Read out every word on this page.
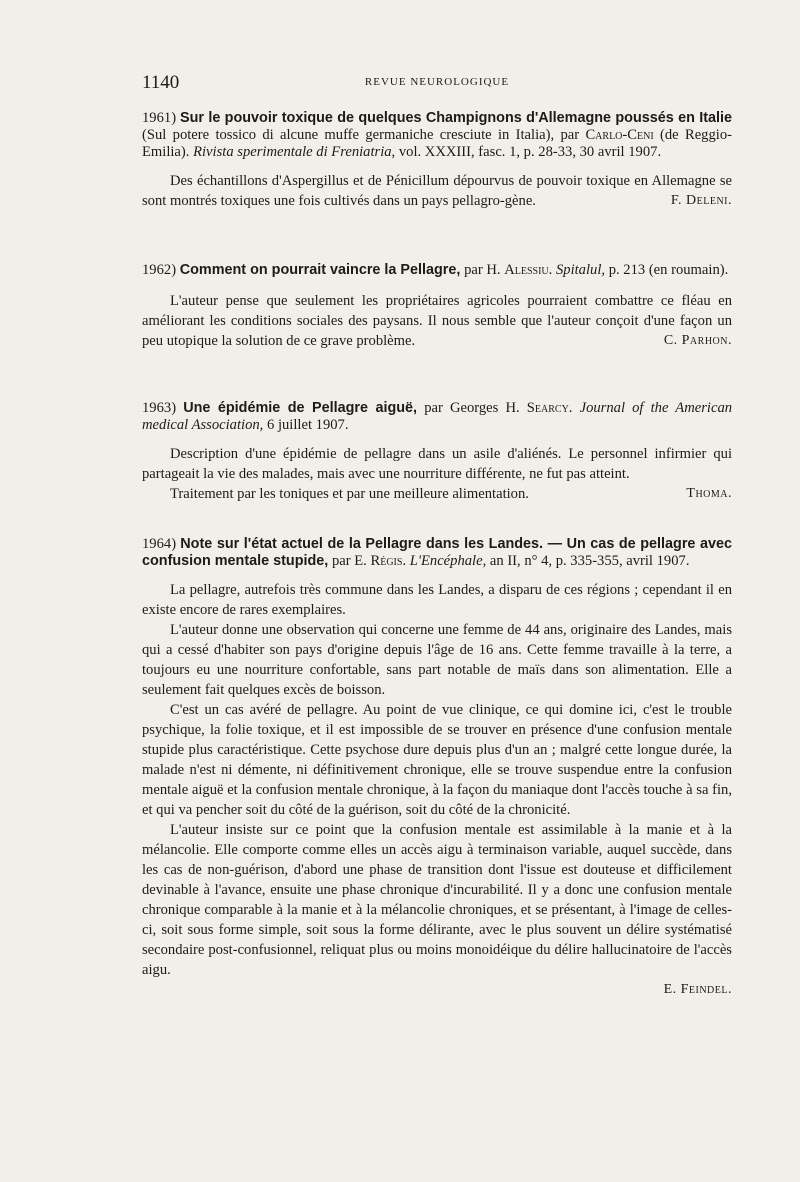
1140	REVUE NEUROLOGIQUE

1961) Sur le pouvoir toxique de quelques Champignons d'Allemagne poussés en Italie (Sul potere tossico di alcune muffe germaniche cresciute in Italia), par Carlo-Ceni (de Reggio-Emilia). Rivista sperimentale di Freniatria, vol. XXXIII, fasc. 1, p. 28-33, 30 avril 1907.

Des échantillons d'Aspergillus et de Pénicillum dépourvus de pouvoir toxique en Allemagne se sont montrés toxiques une fois cultivés dans un pays pellagro-gène.	F. Deleni.

1962) Comment on pourrait vaincre la Pellagre, par H. Alessiu. Spitalul, p. 213 (en roumain).

L'auteur pense que seulement les propriétaires agricoles pourraient combattre ce fléau en améliorant les conditions sociales des paysans. Il nous semble que l'auteur conçoit d'une façon un peu utopique la solution de ce grave problème.	C. Parhon.

1963) Une épidémie de Pellagre aiguë, par Georges H. Searcy. Journal of the American medical Association, 6 juillet 1907.

Description d'une épidémie de pellagre dans un asile d'aliénés. Le personnel infirmier qui partageait la vie des malades, mais avec une nourriture différente, ne fut pas atteint.

Traitement par les toniques et par une meilleure alimentation.	Thoma.

1964) Note sur l'état actuel de la Pellagre dans les Landes. — Un cas de pellagre avec confusion mentale stupide, par E. Régis. L'Encéphale, an II, n° 4, p. 335-355, avril 1907.

La pellagre, autrefois très commune dans les Landes, a disparu de ces régions ; cependant il en existe encore de rares exemplaires.

L'auteur donne une observation qui concerne une femme de 44 ans, originaire des Landes, mais qui a cessé d'habiter son pays d'origine depuis l'âge de 16 ans. Cette femme travaille à la terre, a toujours eu une nourriture confortable, sans part notable de maïs dans son alimentation. Elle a seulement fait quelques excès de boisson.

C'est un cas avéré de pellagre. Au point de vue clinique, ce qui domine ici, c'est le trouble psychique, la folie toxique, et il est impossible de se trouver en présence d'une confusion mentale stupide plus caractéristique. Cette psychose dure depuis plus d'un an ; malgré cette longue durée, la malade n'est ni démente, ni définitivement chronique, elle se trouve suspendue entre la confusion mentale aiguë et la confusion mentale chronique, à la façon du maniaque dont l'accès touche à sa fin, et qui va pencher soit du côté de la guérison, soit du côté de la chronicité.

L'auteur insiste sur ce point que la confusion mentale est assimilable à la manie et à la mélancolie. Elle comporte comme elles un accès aigu à terminaison variable, auquel succède, dans les cas de non-guérison, d'abord une phase de transition dont l'issue est douteuse et difficilement devinable à l'avance, ensuite une phase chronique d'incurabilité. Il y a donc une confusion mentale chronique comparable à la manie et à la mélancolie chroniques, et se présentant, à l'image de celles-ci, soit sous forme simple, soit sous la forme délirante, avec le plus souvent un délire systématisé secondaire post-confusionnel, reliquat plus ou moins monoidéique du délire hallucinatoire de l'accès aigu.

E. Feindel.
